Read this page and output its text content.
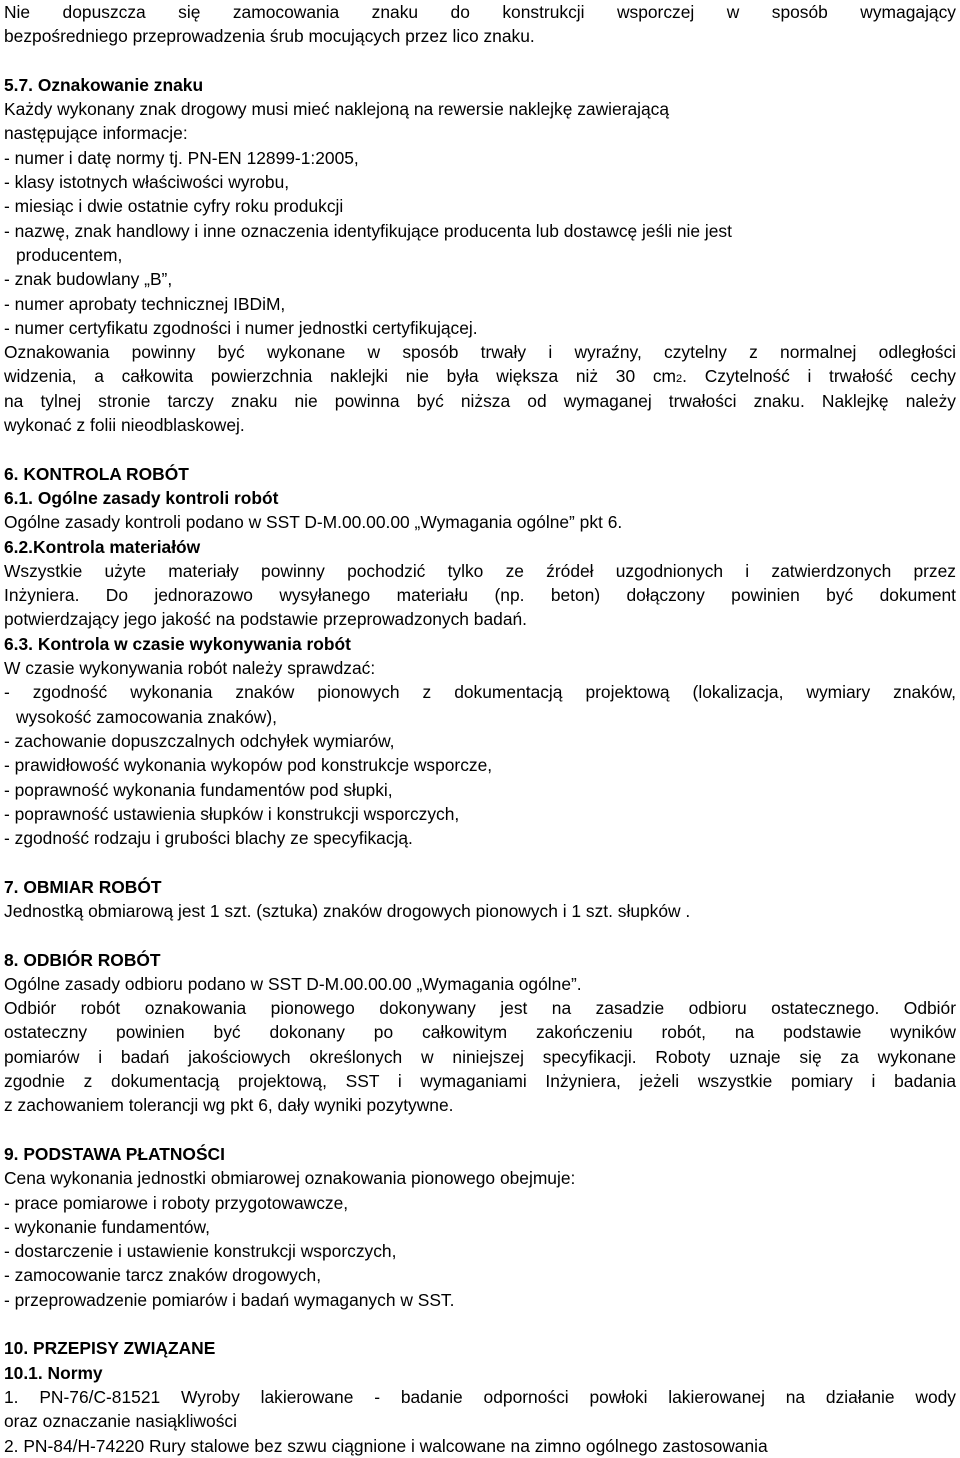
Nie dopuszcza się zamocowania znaku do konstrukcji wsporczej w sposób wymagający

bezpośredniego przeprowadzenia śrub mocujących przez lico znaku.

5.7. Oznakowanie znaku

Każdy wykonany znak drogowy musi mieć naklejoną na rewersie naklejkę zawierającą

następujące informacje:

- numer i datę normy tj. PN-EN 12899-1:2005,

- klasy istotnych właściwości wyrobu,

- miesiąc i dwie ostatnie cyfry roku produkcji

- nazwę, znak handlowy i inne oznaczenia identyfikujące producenta lub dostawcę jeśli nie jest

producentem,

- znak budowlany „B”,

- numer aprobaty technicznej IBDiM,

- numer certyfikatu zgodności i numer jednostki certyfikującej.

Oznakowania powinny być wykonane w sposób trwały i wyraźny, czytelny z normalnej odległości

widzenia, a całkowita powierzchnia naklejki nie była większa niż 30 cm2. Czytelność i trwałość cechy

na tylnej stronie tarczy znaku nie powinna być niższa od wymaganej trwałości znaku. Naklejkę należy

wykonać z folii nieodblaskowej.

6. KONTROLA ROBÓT

6.1. Ogólne zasady kontroli robót

Ogólne zasady kontroli podano w SST D-M.00.00.00 „Wymagania ogólne” pkt 6.

6.2.Kontrola materiałów

Wszystkie użyte materiały powinny pochodzić tylko ze źródeł uzgodnionych i zatwierdzonych przez

Inżyniera. Do jednorazowo wysyłanego materiału (np. beton) dołączony powinien być dokument

potwierdzający jego jakość na podstawie przeprowadzonych badań.

6.3. Kontrola w czasie wykonywania robót

W czasie wykonywania robót należy sprawdzać:

- zgodność wykonania znaków pionowych z dokumentacją projektową (lokalizacja, wymiary znaków,

wysokość zamocowania znaków),

- zachowanie dopuszczalnych odchyłek wymiarów,

- prawidłowość wykonania wykopów pod konstrukcje wsporcze,

- poprawność wykonania fundamentów pod słupki,

- poprawność ustawienia słupków i konstrukcji wsporczych,

- zgodność rodzaju i grubości blachy ze specyfikacją.

7. OBMIAR ROBÓT

Jednostką obmiarową jest 1 szt. (sztuka) znaków drogowych pionowych i 1 szt. słupków .

8. ODBIÓR ROBÓT

Ogólne zasady odbioru podano w SST D-M.00.00.00 „Wymagania ogólne”.

Odbiór robót oznakowania pionowego dokonywany jest na zasadzie odbioru ostatecznego. Odbiór

ostateczny powinien być dokonany po całkowitym zakończeniu robót, na podstawie wyników

pomiarów i badań jakościowych określonych w niniejszej specyfikacji. Roboty uznaje się za wykonane

zgodnie z dokumentacją projektową, SST i wymaganiami Inżyniera, jeżeli wszystkie pomiary i badania

z zachowaniem tolerancji wg pkt 6, dały wyniki pozytywne.

9. PODSTAWA PŁATNOŚCI

Cena wykonania jednostki obmiarowej oznakowania pionowego obejmuje:

- prace pomiarowe i roboty przygotowawcze,

- wykonanie fundamentów,

- dostarczenie i ustawienie konstrukcji wsporczych,

- zamocowanie tarcz znaków drogowych,

- przeprowadzenie pomiarów i badań wymaganych w SST.

10. PRZEPISY ZWIĄZANE

10.1. Normy

1. PN-76/C-81521 Wyroby lakierowane - badanie odporności powłoki lakierowanej na działanie wody

oraz oznaczanie nasiąkliwości

2. PN-84/H-74220 Rury stalowe bez szwu ciągnione i walcowane na zimno ogólnego zastosowania
